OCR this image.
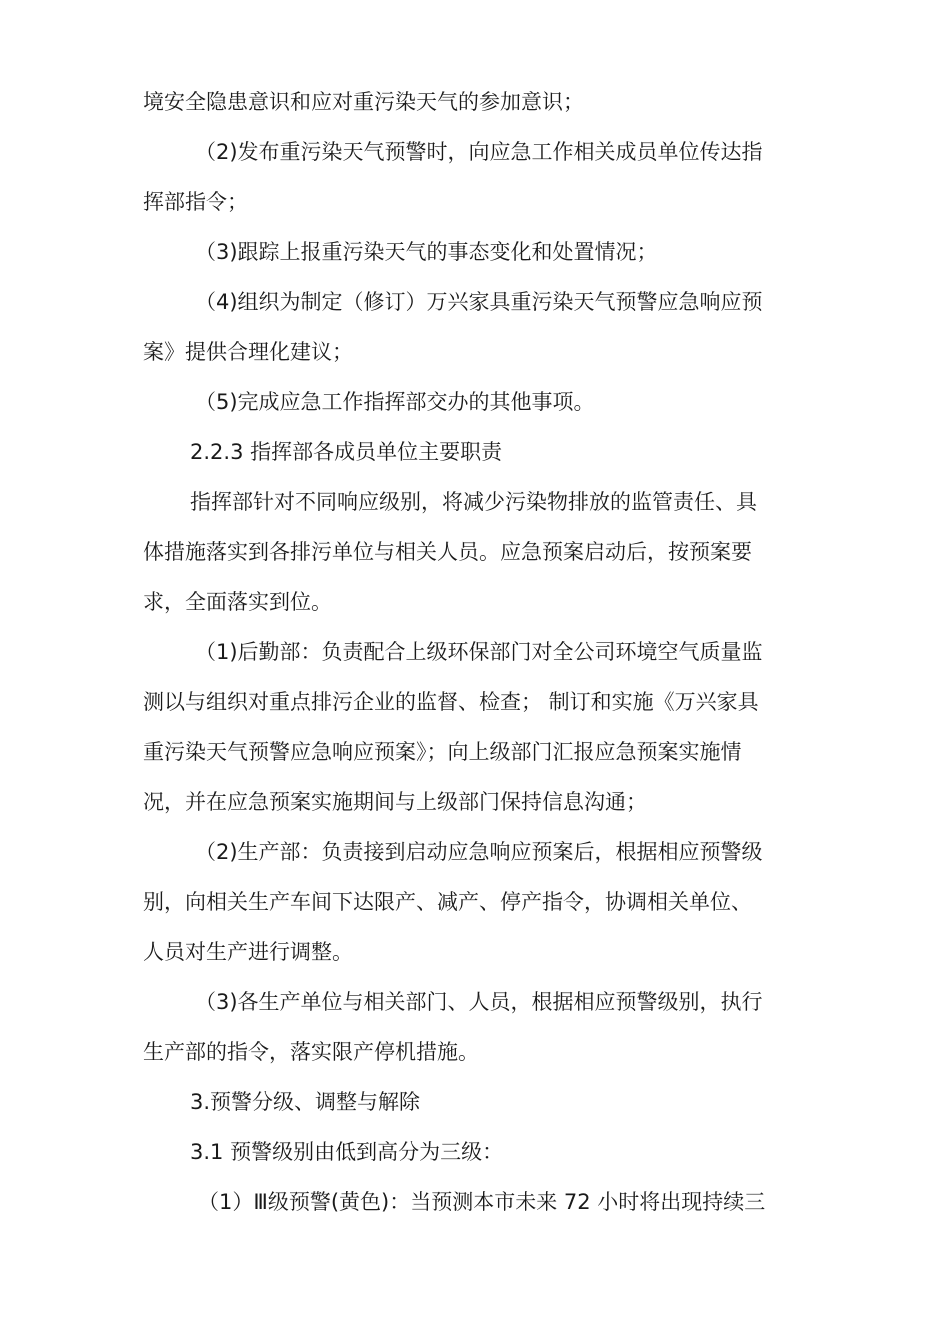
境安全隐患意识和应对重污染天气的参加意识；
（2)发布重污染天气预警时，向应急工作相关成员单位传达指
挥部指令；
（3)跟踪上报重污染天气的事态变化和处置情况；
（4)组织为制定（修订）万兴家具重污染天气预警应急响应预
案》提供合理化建议；
（5)完成应急工作指挥部交办的其他事项。
2.2.3 指挥部各成员单位主要职责
指挥部针对不同响应级别，将减少污染物排放的监管责任、具
体措施落实到各排污单位与相关人员。应急预案启动后，按预案要
求，全面落实到位。
（1)后勤部：负责配合上级环保部门对全公司环境空气质量监
测以与组织对重点排污企业的监督、检查； 制订和实施《万兴家具
重污染天气预警应急响应预案》；向上级部门汇报应急预案实施情
况，并在应急预案实施期间与上级部门保持信息沟通；
（2)生产部：负责接到启动应急响应预案后，根据相应预警级
别，向相关生产车间下达限产、减产、停产指令，协调相关单位、
人员对生产进行调整。
（3)各生产单位与相关部门、人员，根据相应预警级别，执行
生产部的指令，落实限产停机措施。
3.预警分级、调整与解除
3.1 预警级别由低到高分为三级：
（1）Ⅲ级预警(黄色)：当预测本市未来 72 小时将出现持续三
